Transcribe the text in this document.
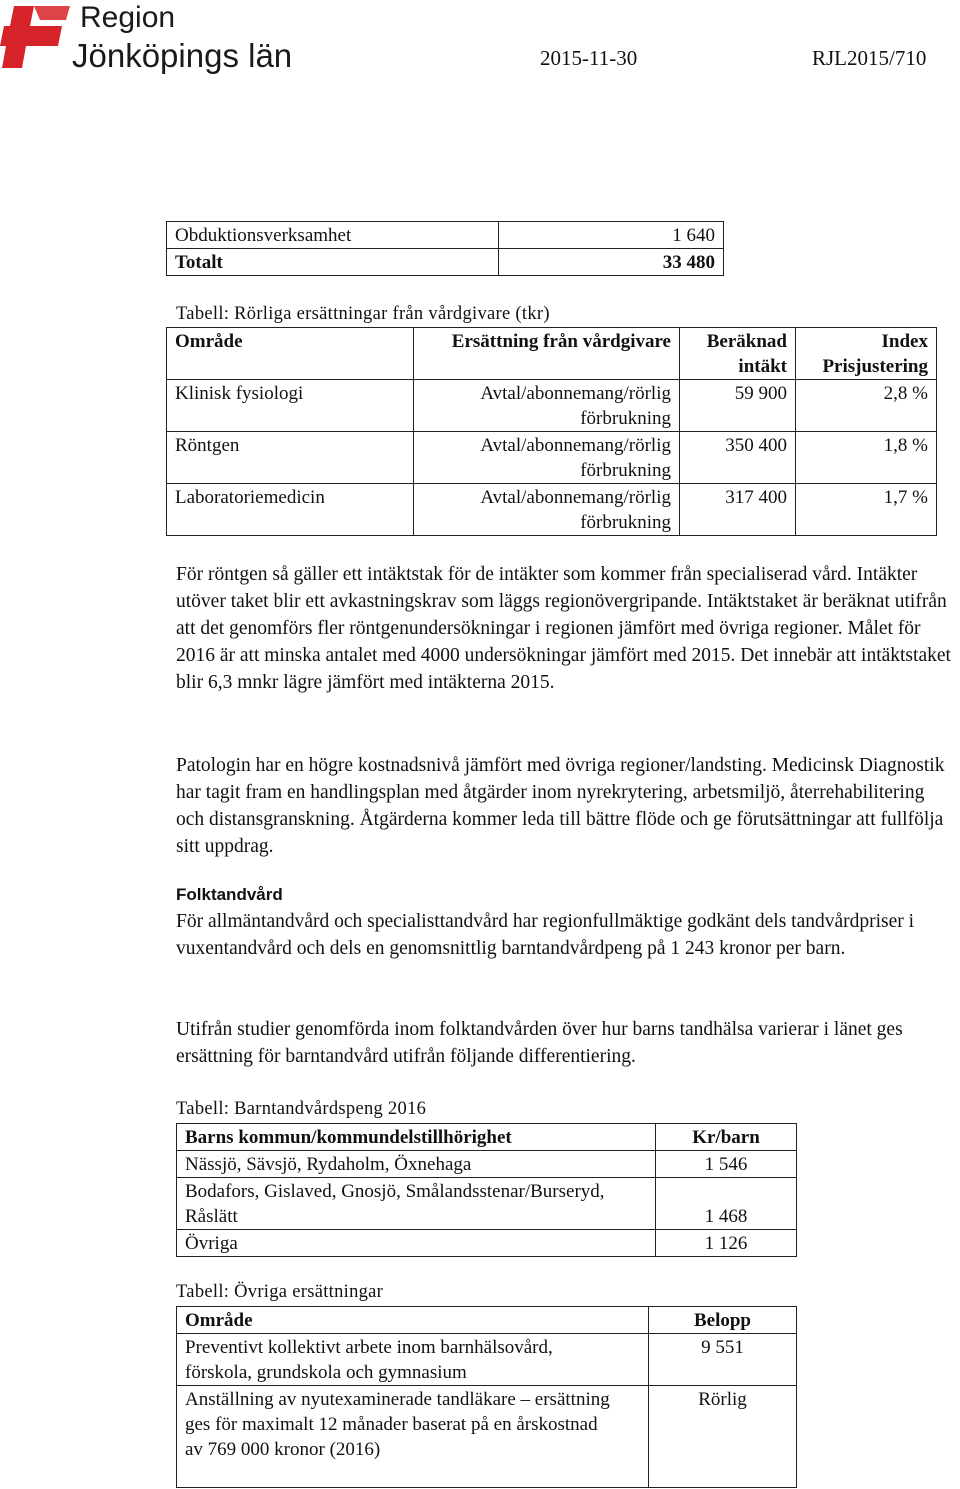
Region
Jönköpings län	2015-11-30	RJL2015/710
Obduktionsverksamhet	1 640
Totalt	33 480
Tabell: Rörliga ersättningar från vårdgivare (tkr)
Område	Ersättning från vårdgivare	Beräknad intäkt	Index Prisjustering
Klinisk fysiologi	Avtal/abonnemang/rörlig förbrukning	59 900	2,8 %
Röntgen	Avtal/abonnemang/rörlig förbrukning	350 400	1,8 %
Laboratoriemedicin	Avtal/abonnemang/rörlig förbrukning	317 400	1,7 %

För röntgen så gäller ett intäktstak för de intäkter som kommer från specialiserad vård. Intäkter utöver taket blir ett avkastningskrav som läggs regionövergripande. Intäktstaket är beräknat utifrån att det genomförs fler röntgenundersökningar i regionen jämfört med övriga regioner. Målet för 2016 är att minska antalet med 4000 undersökningar jämfört med 2015. Det innebär att intäktstaket blir 6,3 mnkr lägre jämfört med intäkterna 2015.

Patologin har en högre kostnadsnivå jämfört med övriga regioner/landsting. Medicinsk Diagnostik har tagit fram en handlingsplan med åtgärder inom nyrekrytering, arbetsmiljö, återrehabilitering och distansgranskning. Åtgärderna kommer leda till bättre flöde och ge förutsättningar att fullfölja sitt uppdrag.

Folktandvård

För allmäntandvård och specialisttandvård har regionfullmäktige godkänt dels tandvårdpriser i vuxentandvård och dels en genomsnittlig barntandvårdpeng på 1 243 kronor per barn.

Utifrån studier genomförda inom folktandvården över hur barns tandhälsa varierar i länet ges ersättning för barntandvård utifrån följande differentiering.

Tabell: Barntandvårdspeng 2016
Barns kommun/kommundelstillhörighet	Kr/barn
Nässjö, Sävsjö, Rydaholm, Öxnehaga	1 546
Bodafors, Gislaved, Gnosjö, Smålandsstenar/Burseryd, Råslätt	1 468
Övriga	1 126
Tabell: Övriga ersättningar
Område	Belopp
Preventivt kollektivt arbete inom barnhälsovård, förskola, grundskola och gymnasium	9 551
Anställning av nyutexaminerade tandläkare – ersättning ges för maximalt 12 månader baserat på en årskostnad av 769 000 kronor (2016)	Rörlig
